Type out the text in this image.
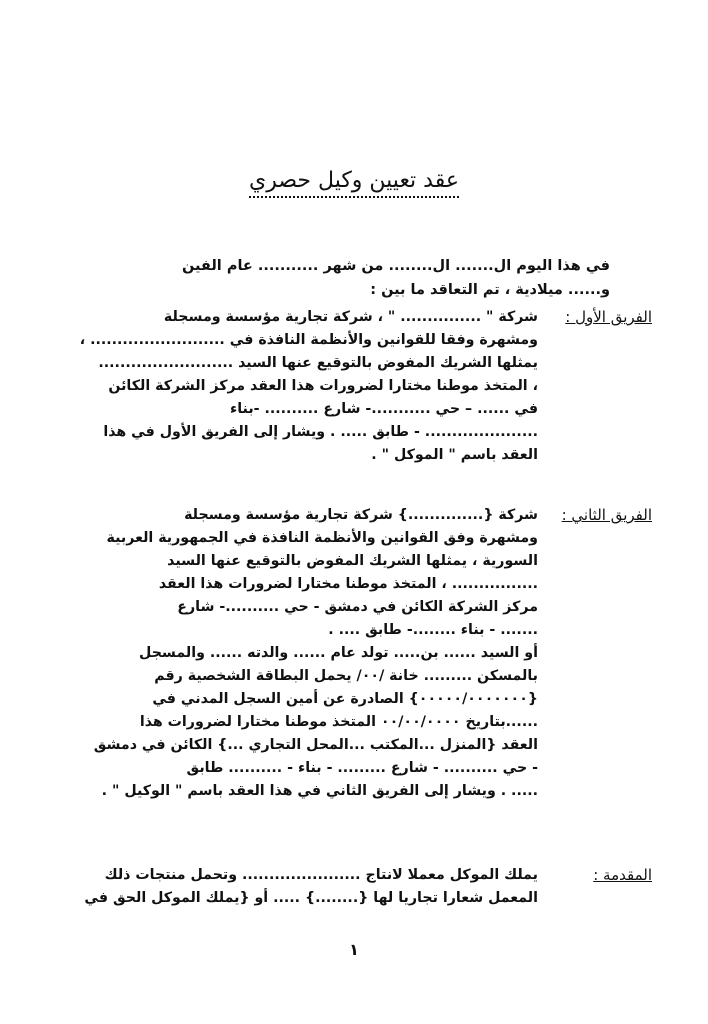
عقد تعيين وكيل حصري
في هذا اليوم ال....... ال........ من شهر ........... عام الفين
و...... ميلادية ، تم التعاقد ما بين :
الفريق الأول :

شركة " ............... " ، شركة تجارية مؤسسة ومسجلة

ومشهرة وفقا للقوانين والأنظمة النافذة في ......................... ،

يمثلها الشريك المفوض بالتوقيع عنها السيد .........................

، المتخذ موطنا مختارا لضرورات هذا العقد مركز الشركة الكائن

في ...... – حي ...........- شارع .......... -بناء

..................... - طابق ..... . ويشار إلى الفريق الأول في هذا

العقد باسم " الموكل " .

الفريق الثاني :

شركة {..............} شركة تجارية مؤسسة ومسجلة

ومشهرة وفق القوانين والأنظمة النافذة في الجمهورية العربية

السورية ، يمثلها الشريك المفوض بالتوقيع عنها السيد

................ ، المتخذ موطنا مختارا لضرورات هذا العقد

مركز الشركة الكائن في دمشق - حي ..........- شارع

....... - بناء ........- طابق .... .

أو السيد ...... بن..... تولد عام ...... والدته ...... والمسجل

بالمسكن ......... خانة /٠٠/ يحمل البطاقة الشخصية رقم

{٠٠٠٠٠/٠٠٠٠٠٠٠} الصادرة عن أمين السجل المدني في

......بتاريخ ٠٠/٠٠/٠٠٠٠ المتخذ موطنا مختارا لضرورات هذا

العقد {المنزل ...المكتب ...المحل التجاري ...} الكائن في دمشق

- حي .......... - شارع ......... - بناء - .......... طابق

..... . ويشار إلى الفريق الثاني في هذا العقد باسم " الوكيل " .

المقدمة :

يملك الموكل معملا لانتاج ...................... وتحمل منتجات ذلك

المعمل شعارا تجاريا لها {........} ..... أو {يملك الموكل الحق في

١
